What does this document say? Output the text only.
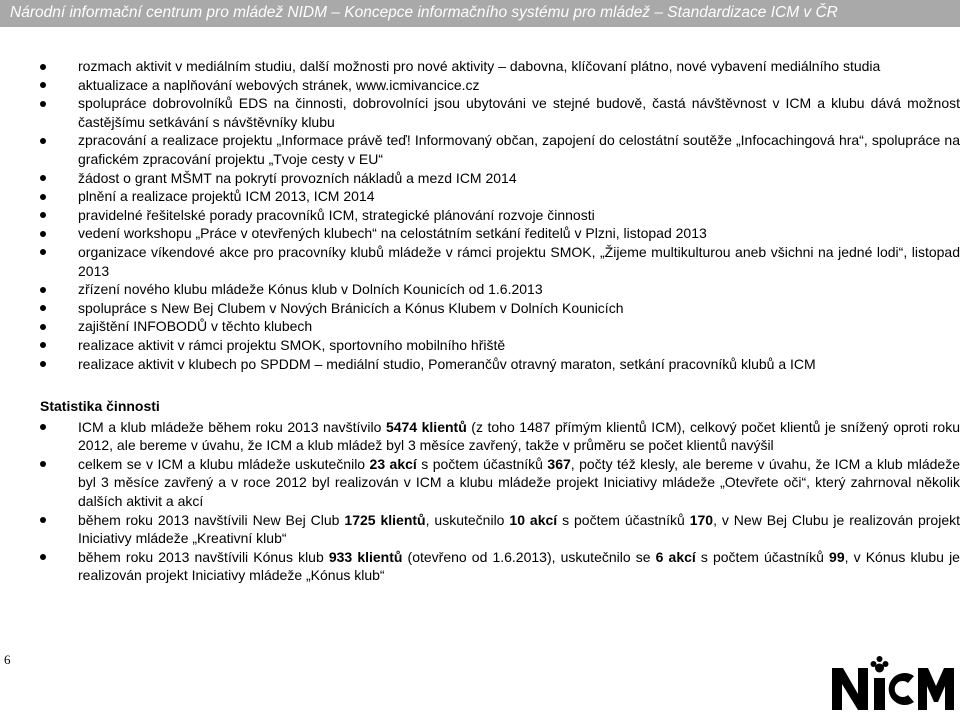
Národní informační centrum pro mládež NIDM – Koncepce informačního systému pro mládež – Standardizace ICM v ČR
rozmach aktivit v mediálním studiu, další možnosti pro nové aktivity – dabovna, klíčovaní plátno, nové vybavení mediálního studia
aktualizace a naplňování webových stránek, www.icmivancice.cz
spolupráce dobrovolníků EDS na činnosti, dobrovolníci jsou ubytováni ve stejné budově, častá návštěvnost v ICM a klubu dává možnost častějšímu setkávání s návštěvníky klubu
zpracování a realizace projektu „Informace právě teď! Informovaný občan, zapojení do celostátní soutěže „Infocachingová hra“, spolupráce na grafickém zpracování projektu „Tvoje cesty v EU“
žádost o grant MŠMT na pokrytí provozních nákladů a mezd ICM 2014
plnění a realizace projektů ICM 2013, ICM 2014
pravidelné řešitelské porady pracovníků ICM, strategické plánování rozvoje činnosti
vedení workshopu „Práce v otevřených klubech“ na celostátním setkání ředitelů v Plzni, listopad 2013
organizace víkendové akce pro pracovníky klubů mládeže v rámci projektu SMOK, „Žijeme multikulturou aneb všichni na jedné lodi“, listopad 2013
zřízení nového klubu mládeže Kónus klub v Dolních Kounicích od 1.6.2013
spolupráce s New Bej Clubem v Nových Bránicích a Kónus Klubem v Dolních Kounicích
zajištění INFOBODŮ v těchto klubech
realizace aktivit v rámci projektu SMOK, sportovního mobilního hřiště
realizace aktivit v klubech po SPDDM – mediální studio, Pomerančův otravný maraton, setkání pracovníků klubů a ICM
Statistika činnosti
ICM a klub mládeže během roku 2013 navštívilo 5474 klientů (z toho 1487 přímým klientů ICM), celkový počet klientů je snížený oproti roku 2012, ale bereme v úvahu, že ICM a klub mládež byl 3 měsíce zavřený, takže v průměru se počet klientů navýšil
celkem se v ICM a klubu mládeže uskutečnilo 23 akcí s počtem účastníků 367, počty též klesly, ale bereme v úvahu, že ICM a klub mládeže byl 3 měsíce zavřený a v roce 2012 byl realizován v ICM a klubu mládeže projekt Iniciativy mládeže „Otevřete oči“, který zahrnoval několik dalších aktivit a akcí
během roku 2013 navštívili New Bej Club 1725 klientů, uskutečnilo 10 akcí s počtem účastníků 170, v New Bej Clubu je realizován projekt Iniciativy mládeže „Kreativní klub“
během roku 2013 navštívili Kónus klub 933 klientů (otevřeno od 1.6.2013), uskutečnilo se 6 akcí s počtem účastníků 99, v Kónus klubu je realizován projekt Iniciativy mládeže „Kónus klub“
6
